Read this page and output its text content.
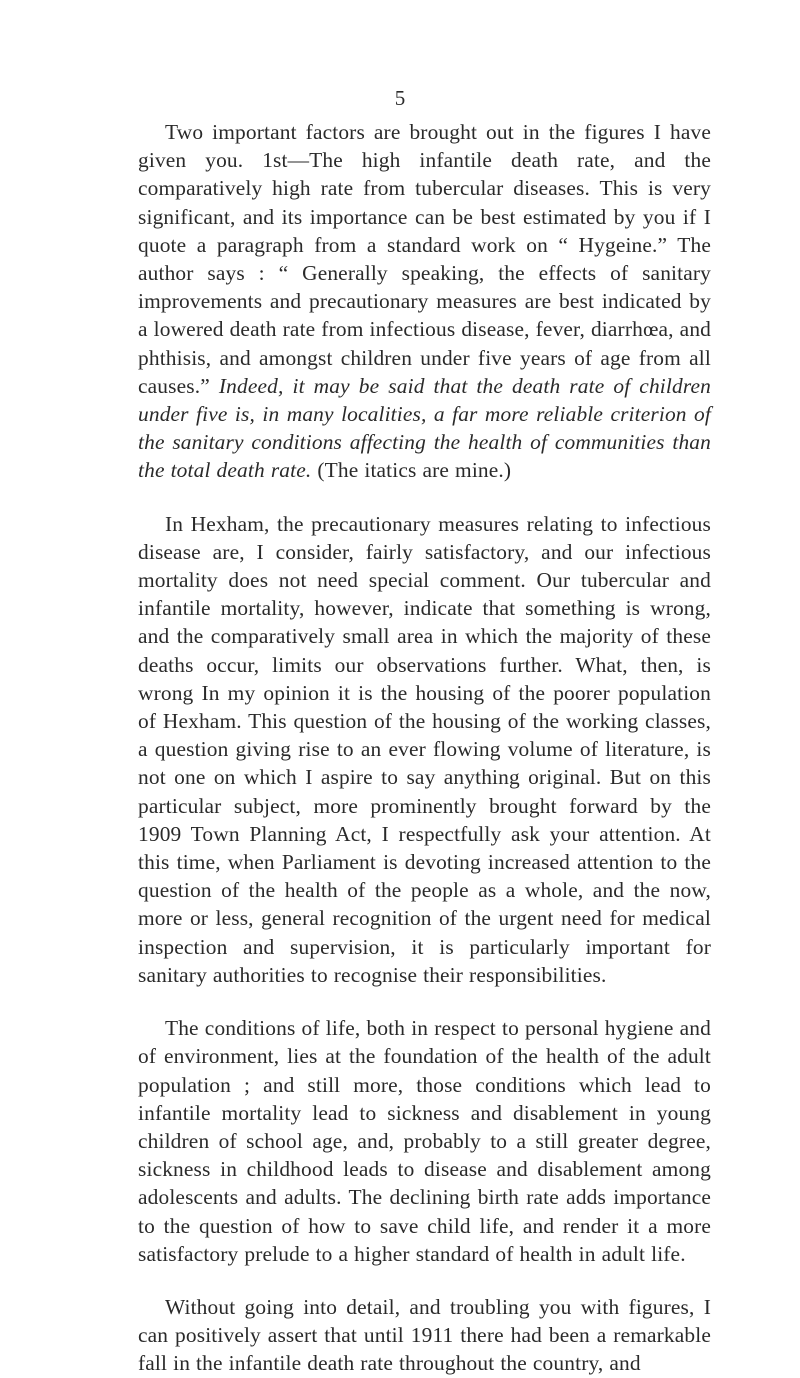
5

Two important factors are brought out in the figures I have given you. 1st—The high infantile death rate, and the comparatively high rate from tubercular diseases. This is very significant, and its importance can be best estimated by you if I quote a paragraph from a standard work on “ Hygeine.” The author says : “ Generally speaking, the effects of sanitary improvements and precautionary measures are best indicated by a lowered death rate from infectious disease, fever, diarrhœa, and phthisis, and amongst children under five years of age from all causes.” Indeed, it may be said that the death rate of children under five is, in many localities, a far more reliable criterion of the sanitary conditions affecting the health of communities than the total death rate. (The itatics are mine.)

In Hexham, the precautionary measures relating to infectious disease are, I consider, fairly satisfactory, and our infectious mortality does not need special comment. Our tubercular and infantile mortality, however, indicate that something is wrong, and the comparatively small area in which the majority of these deaths occur, limits our observations further. What, then, is wrong In my opinion it is the housing of the poorer population of Hexham. This question of the housing of the working classes, a question giving rise to an ever flowing volume of literature, is not one on which I aspire to say anything original. But on this particular subject, more prominently brought forward by the 1909 Town Planning Act, I respectfully ask your attention. At this time, when Parliament is devoting increased attention to the question of the health of the people as a whole, and the now, more or less, general recognition of the urgent need for medical inspection and supervision, it is particularly important for sanitary authorities to recognise their responsibilities.

The conditions of life, both in respect to personal hygiene and of environment, lies at the foundation of the health of the adult population ; and still more, those conditions which lead to infantile mortality lead to sickness and disablement in young children of school age, and, probably to a still greater degree, sickness in childhood leads to disease and disablement among adolescents and adults. The declining birth rate adds importance to the question of how to save child life, and render it a more satisfactory prelude to a higher standard of health in adult life.

Without going into detail, and troubling you with figures, I can positively assert that until 1911 there had been a remarkable fall in the infantile death rate throughout the country, and
